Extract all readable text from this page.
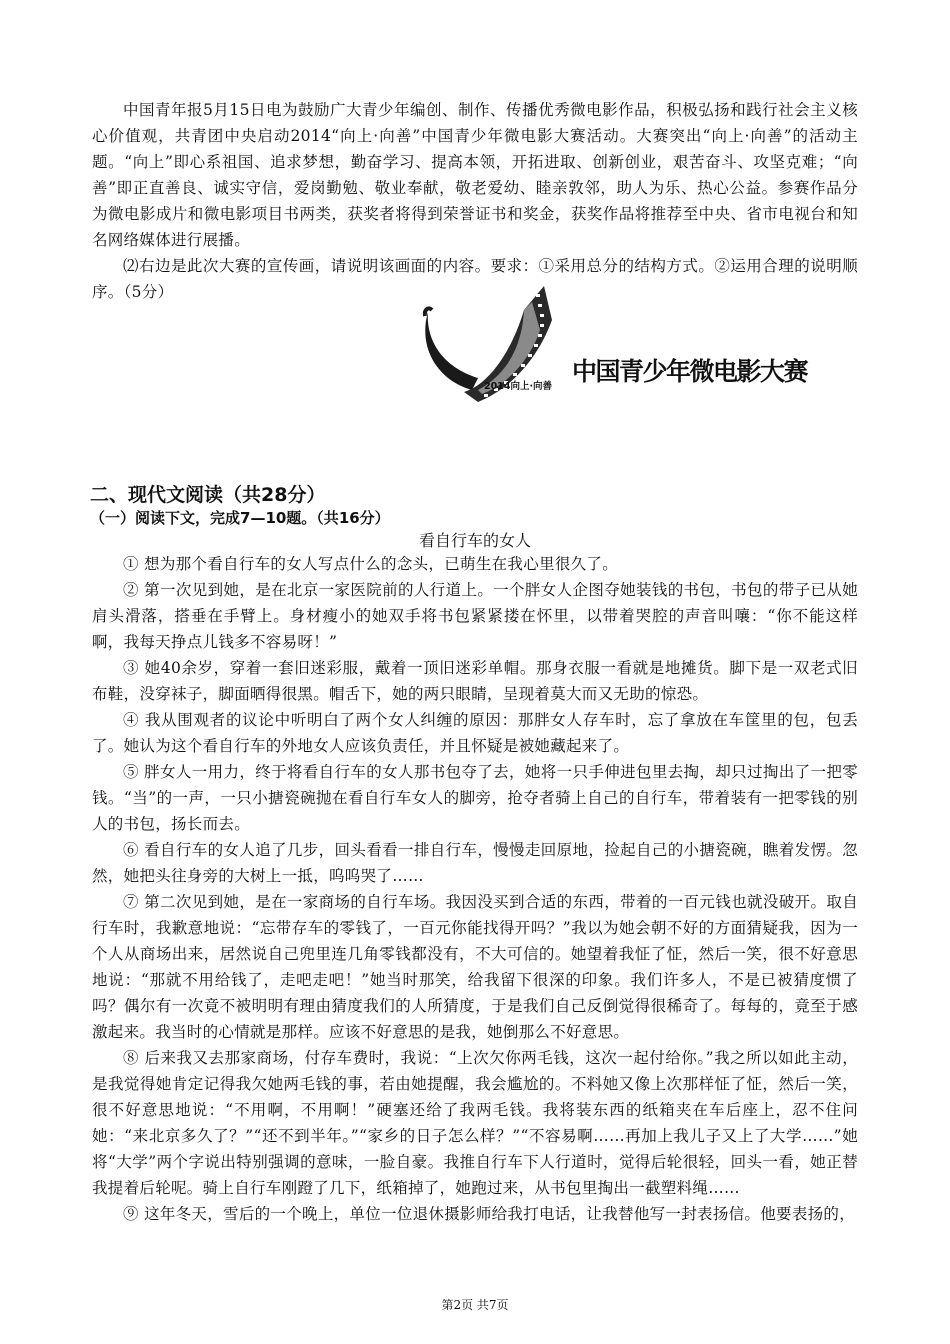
中国青年报5月15日电为鼓励广大青少年编创、制作、传播优秀微电影作品，积极弘扬和践行社会主义核心价值观，共青团中央启动2014“向上·向善”中国青少年微电影大赛活动。大赛突出“向上·向善”的活动主题。“向上”即心系祖国、追求梦想，勤奋学习、提高本领，开拓进取、创新创业，艰苦奋斗、攻坚克难；“向善”即正直善良、诚实守信，爱岗勤勉、敬业奉献，敬老爱幼、睦亲敦邻，助人为乐、热心公益。参赛作品分为微电影成片和微电影项目书两类，获奖者将得到荣誉证书和奖金，获奖作品将推荐至中央、省市电视台和知名网络媒体进行展播。

⑵右边是此次大赛的宣传画，请说明该画面的内容。要求：①采用总分的结构方式。②运用合理的说明顺序。（5分）

2014向上·向善
中国青少年微电影大赛
二、现代文阅读（共28分）
（一）阅读下文，完成7—10题。（共16分）

看自行车的女人

① 想为那个看自行车的女人写点什么的念头，已萌生在我心里很久了。

② 第一次见到她，是在北京一家医院前的人行道上。一个胖女人企图夺她装钱的书包，书包的带子已从她肩头滑落，搭垂在手臂上。身材瘦小的她双手将书包紧紧搂在怀里，以带着哭腔的声音叫嚷：“你不能这样啊，我每天挣点儿钱多不容易呀！”

③ 她40余岁，穿着一套旧迷彩服，戴着一顶旧迷彩单帽。那身衣服一看就是地摊货。脚下是一双老式旧布鞋，没穿袜子，脚面晒得很黑。帽舌下，她的两只眼睛，呈现着莫大而又无助的惊恐。

④ 我从围观者的议论中听明白了两个女人纠缠的原因：那胖女人存车时，忘了拿放在车筐里的包，包丢了。她认为这个看自行车的外地女人应该负责任，并且怀疑是被她藏起来了。

⑤ 胖女人一用力，终于将看自行车的女人那书包夺了去，她将一只手伸进包里去掏，却只过掏出了一把零钱。“当”的一声，一只小搪瓷碗抛在看自行车女人的脚旁，抢夺者骑上自己的自行车，带着装有一把零钱的别人的书包，扬长而去。

⑥ 看自行车的女人追了几步，回头看看一排自行车，慢慢走回原地，捡起自己的小搪瓷碗，瞧着发愣。忽然，她把头往身旁的大树上一抵，呜呜哭了……

⑦ 第二次见到她，是在一家商场的自行车场。我因没买到合适的东西，带着的一百元钱也就没破开。取自行车时，我歉意地说：“忘带存车的零钱了，一百元你能找得开吗？”我以为她会朝不好的方面猜疑我，因为一个人从商场出来，居然说自己兜里连几角零钱都没有，不大可信的。她望着我怔了怔，然后一笑，很不好意思地说：“那就不用给钱了，走吧走吧！”她当时那笑，给我留下很深的印象。我们许多人，不是已被猜度惯了吗？偶尔有一次竟不被明明有理由猜度我们的人所猜度，于是我们自己反倒觉得很稀奇了。每每的，竟至于感激起来。我当时的心情就是那样。应该不好意思的是我，她倒那么不好意思。

⑧ 后来我又去那家商场，付存车费时，我说：“上次欠你两毛钱，这次一起付给你。”我之所以如此主动，是我觉得她肯定记得我欠她两毛钱的事，若由她提醒，我会尴尬的。不料她又像上次那样怔了怔，然后一笑，很不好意思地说：“不用啊，不用啊！”硬塞还给了我两毛钱。我将装东西的纸箱夹在车后座上，忍不住问她：“来北京多久了？”“还不到半年。”“家乡的日子怎么样？”“不容易啊……再加上我儿子又上了大学……”她将“大学”两个字说出特别强调的意味，一脸自豪。我推自行车下人行道时，觉得后轮很轻，回头一看，她正替我提着后轮呢。骑上自行车刚蹬了几下，纸箱掉了，她跑过来，从书包里掏出一截塑料绳……

⑨ 这年冬天，雪后的一个晚上，单位一位退休摄影师给我打电话，让我替他写一封表扬信。他要表扬的，

第2页 共7页
